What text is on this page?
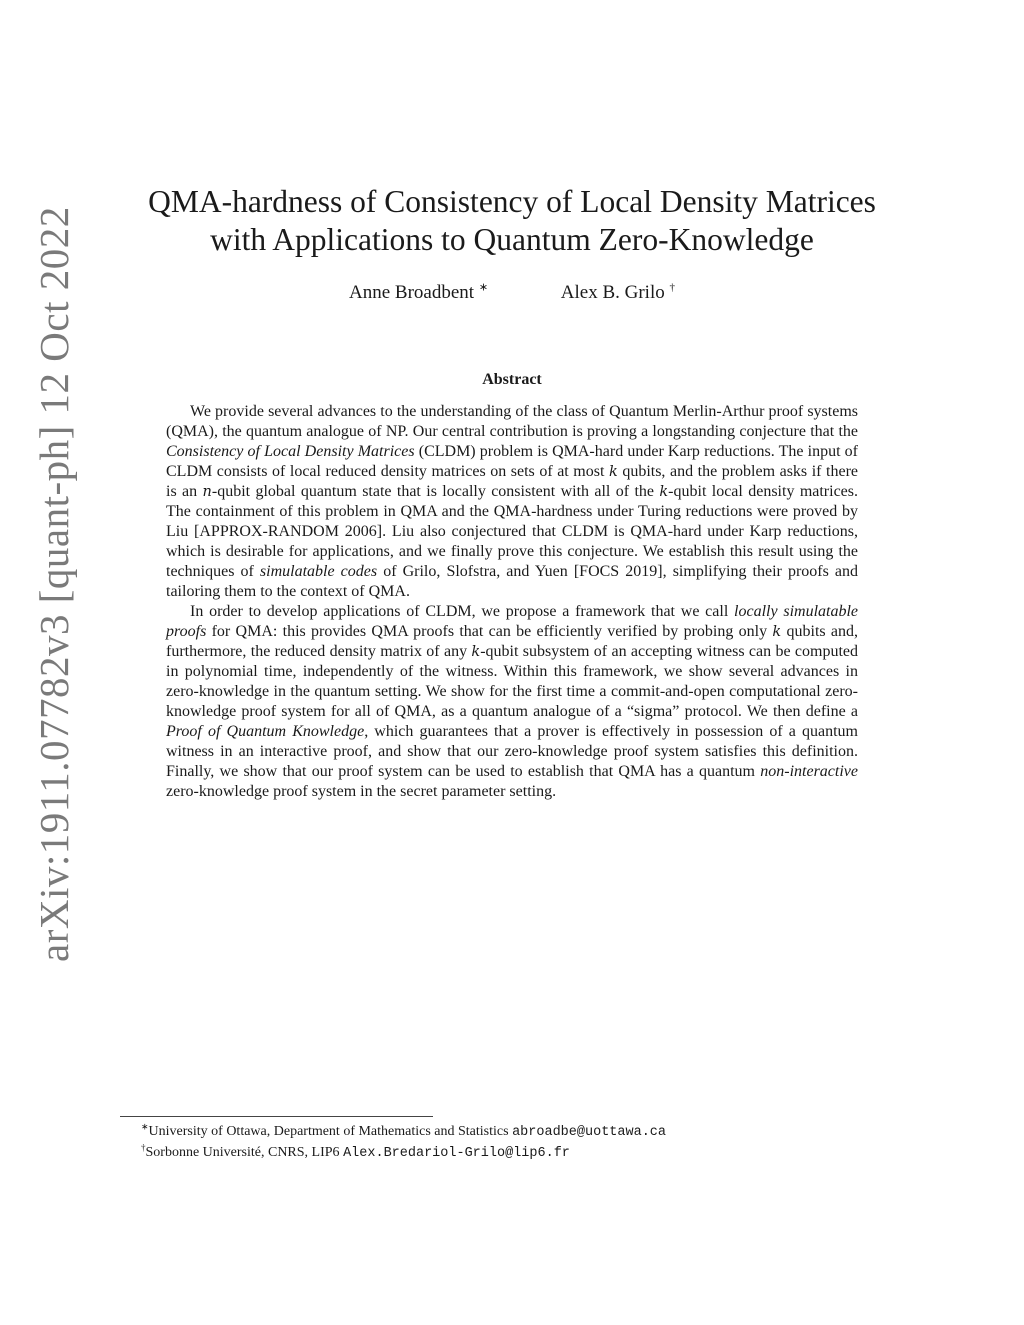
arXiv:1911.07782v3 [quant-ph] 12 Oct 2022
QMA-hardness of Consistency of Local Density Matrices
with Applications to Quantum Zero-Knowledge
Anne Broadbent ∗	Alex B. Grilo †
Abstract

We provide several advances to the understanding of the class of Quantum Merlin-Arthur proof systems (QMA), the quantum analogue of NP. Our central contribution is proving a longstanding conjecture that the Consistency of Local Density Matrices (CLDM) problem is QMA-hard under Karp reductions. The input of CLDM consists of local reduced density matrices on sets of at most k qubits, and the problem asks if there is an n-qubit global quantum state that is locally consistent with all of the k-qubit local density matrices. The containment of this problem in QMA and the QMA-hardness under Turing reductions were proved by Liu [APPROX-RANDOM 2006]. Liu also conjectured that CLDM is QMA-hard under Karp reductions, which is desirable for applications, and we finally prove this conjecture. We establish this result using the techniques of simulatable codes of Grilo, Slofstra, and Yuen [FOCS 2019], simplifying their proofs and tailoring them to the context of QMA.

In order to develop applications of CLDM, we propose a framework that we call locally simulatable proofs for QMA: this provides QMA proofs that can be efficiently verified by probing only k qubits and, furthermore, the reduced density matrix of any k-qubit subsystem of an accepting witness can be computed in polynomial time, independently of the witness. Within this framework, we show several advances in zero-knowledge in the quantum setting. We show for the first time a commit-and-open computational zero-knowledge proof system for all of QMA, as a quantum analogue of a “sigma” protocol. We then define a Proof of Quantum Knowledge, which guarantees that a prover is effectively in possession of a quantum witness in an interactive proof, and show that our zero-knowledge proof system satisfies this definition. Finally, we show that our proof system can be used to establish that QMA has a quantum non-interactive zero-knowledge proof system in the secret parameter setting.

∗University of Ottawa, Department of Mathematics and Statistics abroadbe@uottawa.ca
†Sorbonne Université, CNRS, LIP6 Alex.Bredariol-Grilo@lip6.fr
